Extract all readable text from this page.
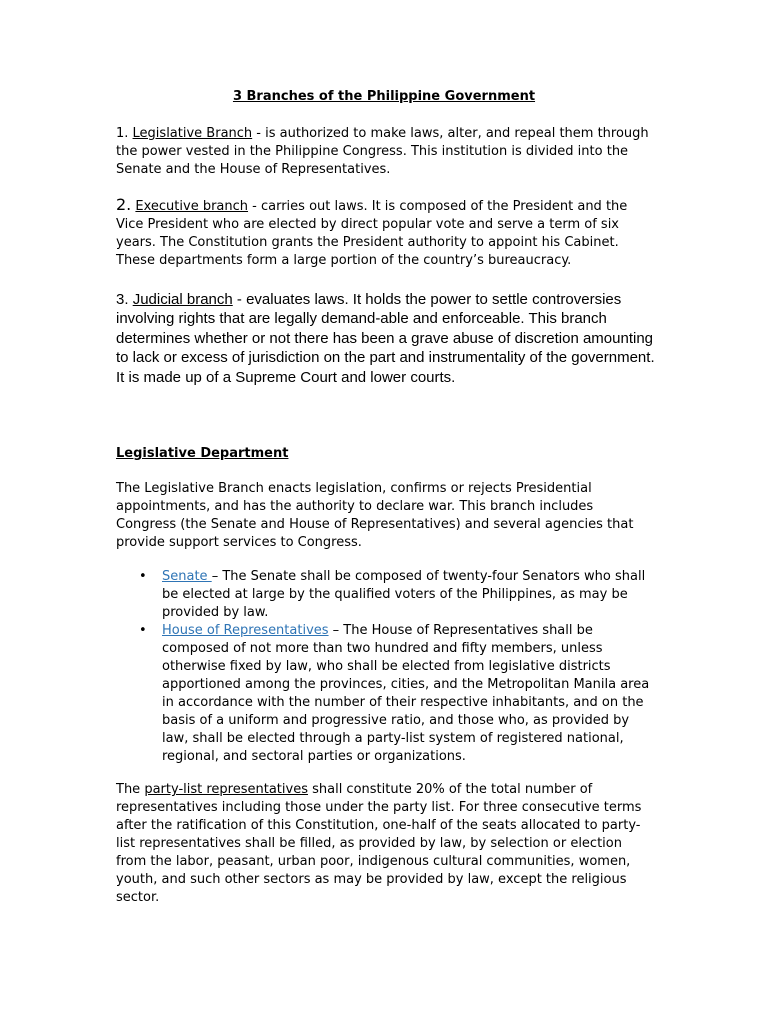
3 Branches of the Philippine Government

1. Legislative Branch - is authorized to make laws, alter, and repeal them through the power vested in the Philippine Congress. This institution is divided into the Senate and the House of Representatives.

2. Executive branch - carries out laws. It is composed of the President and the Vice President who are elected by direct popular vote and serve a term of six years. The Constitution grants the President authority to appoint his Cabinet. These departments form a large portion of the country’s bureaucracy.

3. Judicial branch - evaluates laws. It holds the power to settle controversies involving rights that are legally demand-able and enforceable. This branch determines whether or not there has been a grave abuse of discretion amounting to lack or excess of jurisdiction on the part and instrumentality of the government. It is made up of a Supreme Court and lower courts.

Legislative Department

The Legislative Branch enacts legislation, confirms or rejects Presidential appointments, and has the authority to declare war. This branch includes Congress (the Senate and House of Representatives) and several agencies that provide support services to Congress.

• Senate – The Senate shall be composed of twenty-four Senators who shall be elected at large by the qualified voters of the Philippines, as may be provided by law.
• House of Representatives – The House of Representatives shall be composed of not more than two hundred and fifty members, unless otherwise fixed by law, who shall be elected from legislative districts apportioned among the provinces, cities, and the Metropolitan Manila area in accordance with the number of their respective inhabitants, and on the basis of a uniform and progressive ratio, and those who, as provided by law, shall be elected through a party-list system of registered national, regional, and sectoral parties or organizations.

The party-list representatives shall constitute 20% of the total number of representatives including those under the party list. For three consecutive terms after the ratification of this Constitution, one-half of the seats allocated to party-list representatives shall be filled, as provided by law, by selection or election from the labor, peasant, urban poor, indigenous cultural communities, women, youth, and such other sectors as may be provided by law, except the religious sector.
